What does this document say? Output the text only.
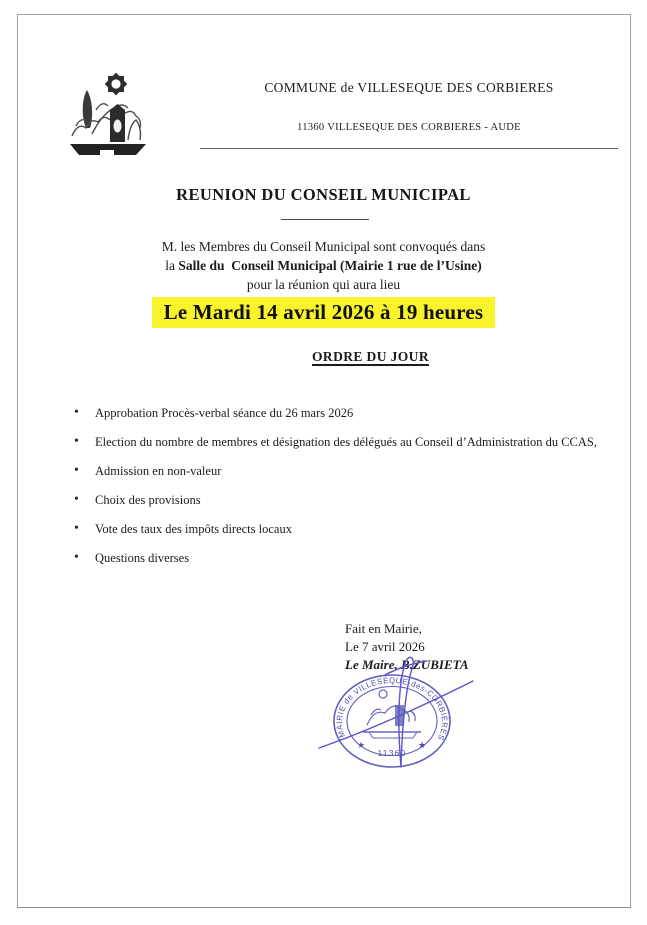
COMMUNE de VILLESEQUE DES CORBIERES
11360 VILLESEQUE DES CORBIERES - AUDE
REUNION DU CONSEIL MUNICIPAL

M. les Membres du Conseil Municipal sont convoqués dans
la Salle du  Conseil Municipal (Mairie 1 rue de l’Usine)
pour la réunion qui aura lieu

Le Mardi 14 avril 2026 à 19 heures
ORDRE DU JOUR
• Approbation Procès-verbal séance du 26 mars 2026
• Election du nombre de membres et désignation des délégués au Conseil d’Administration du CCAS,
• Admission en non-valeur
• Choix des provisions
• Vote des taux des impôts directs locaux
• Questions diverses
Fait en Mairie,
Le 7 avril 2026
Le Maire, B.ZUBIETA
MAIRIE de VILLESÈQUE-des-CORBIÈRES
11360
★	★
